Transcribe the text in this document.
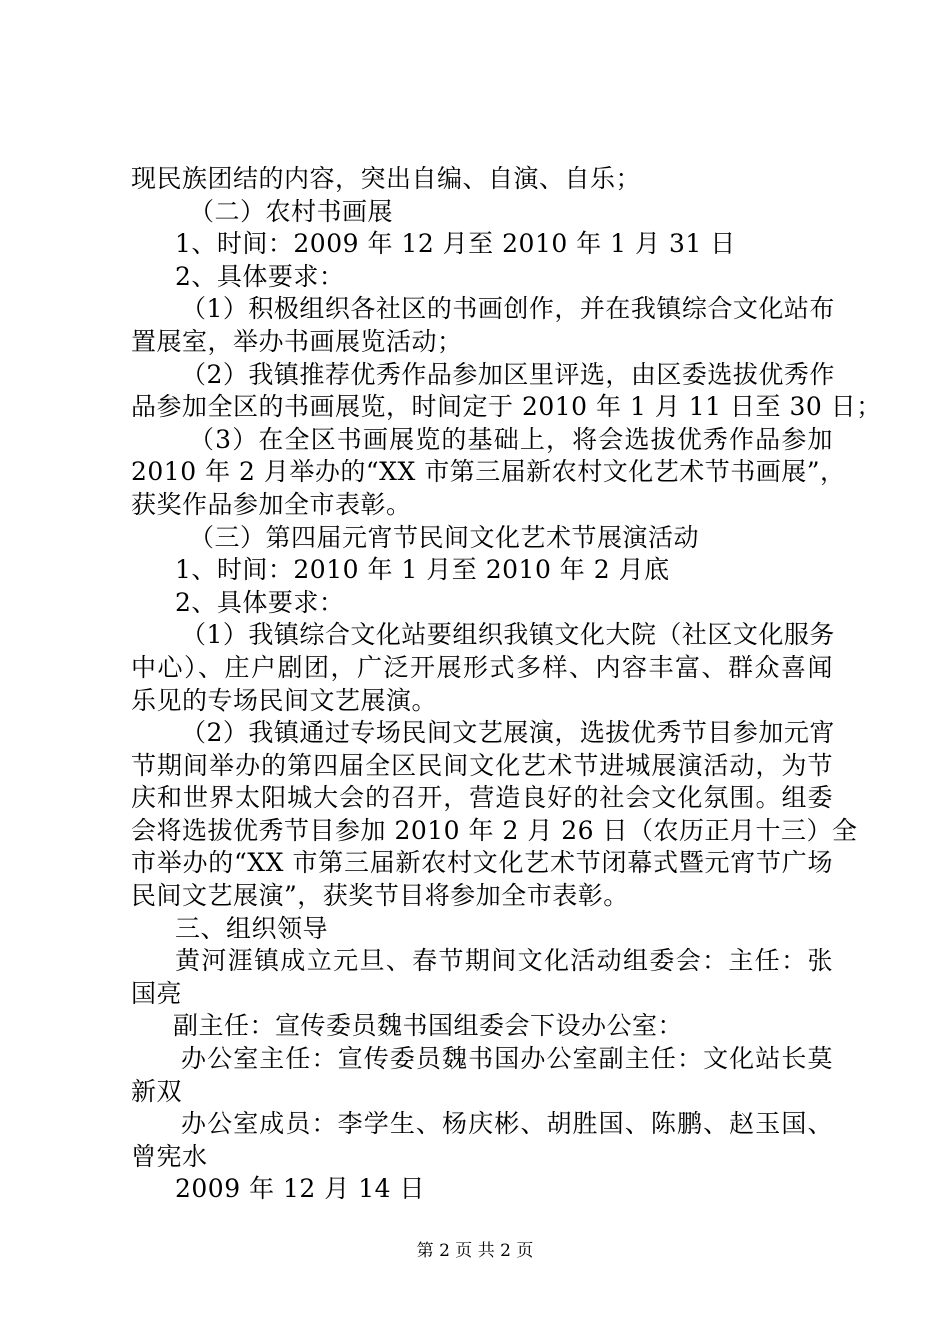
现民族团结的内容，突出自编、自演、自乐；
（二）农村书画展
1、时间：2009 年 12 月至 2010 年 1 月 31 日
2、具体要求：
（1）积极组织各社区的书画创作，并在我镇综合文化站布
置展室，举办书画展览活动；
（2）我镇推荐优秀作品参加区里评选，由区委选拔优秀作
品参加全区的书画展览，时间定于 2010 年 1 月 11 日至 30 日；
（3）在全区书画展览的基础上，将会选拔优秀作品参加
2010 年 2 月举办的“XX 市第三届新农村文化艺术节书画展”，
获奖作品参加全市表彰。
（三）第四届元宵节民间文化艺术节展演活动
1、时间：2010 年 1 月至 2010 年 2 月底
2、具体要求：
（1）我镇综合文化站要组织我镇文化大院（社区文化服务
中心）、庄户剧团，广泛开展形式多样、内容丰富、群众喜闻
乐见的专场民间文艺展演。
（2）我镇通过专场民间文艺展演，选拔优秀节目参加元宵
节期间举办的第四届全区民间文化艺术节进城展演活动，为节
庆和世界太阳城大会的召开，营造良好的社会文化氛围。组委
会将选拔优秀节目参加 2010 年 2 月 26 日（农历正月十三）全
市举办的“XX 市第三届新农村文化艺术节闭幕式暨元宵节广场
民间文艺展演”，获奖节目将参加全市表彰。
三、组织领导
黄河涯镇成立元旦、春节期间文化活动组委会：主任：张
国亮
副主任：宣传委员魏书国组委会下设办公室：
办公室主任：宣传委员魏书国办公室副主任：文化站长莫
新双
办公室成员：李学生、杨庆彬、胡胜国、陈鹏、赵玉国、
曾宪水
2009 年 12 月 14 日
第 2 页 共 2 页
